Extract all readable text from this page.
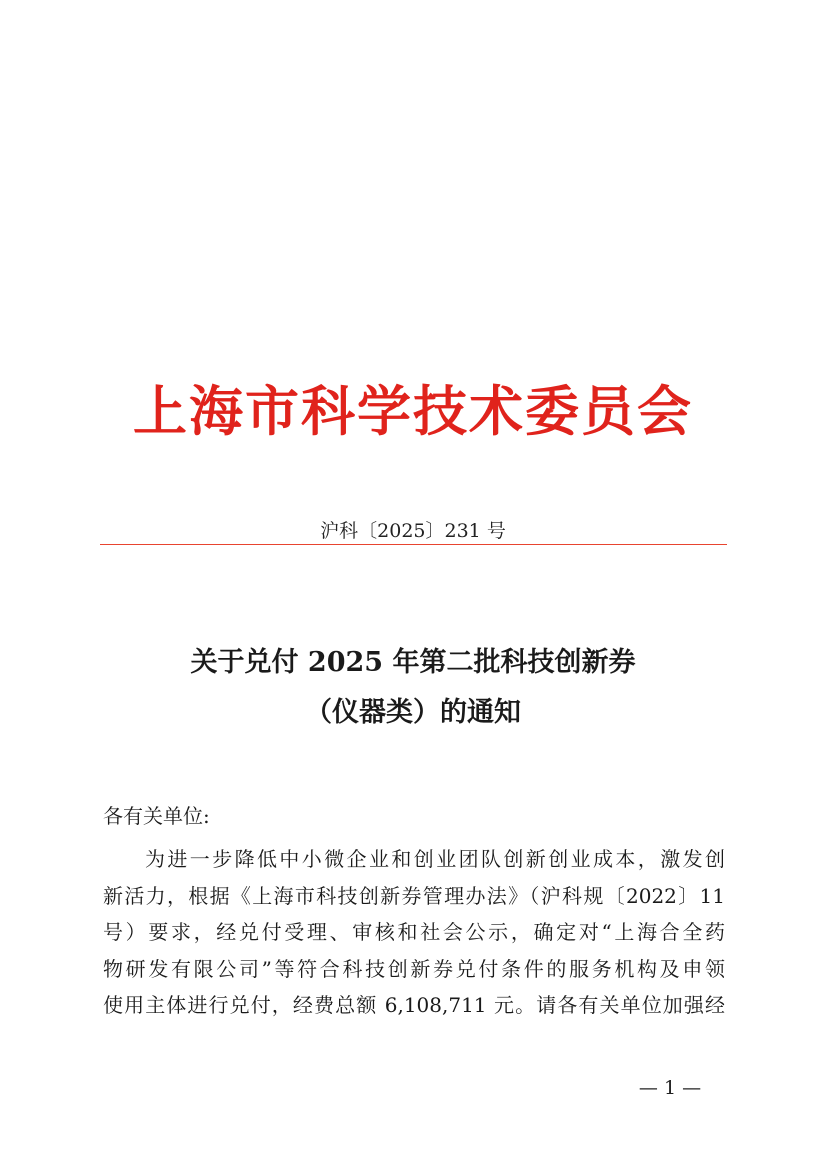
上海市科学技术委员会
沪科〔2025〕231 号
关于兑付 2025 年第二批科技创新券
（仪器类）的通知
各有关单位:
为进一步降低中小微企业和创业团队创新创业成本，激发创
新活力，根据《上海市科技创新券管理办法》（沪科规〔2022〕11
号）要求，经兑付受理、审核和社会公示，确定对“上海合全药
物研发有限公司”等符合科技创新券兑付条件的服务机构及申领
使用主体进行兑付，经费总额 6,108,711 元。请各有关单位加强经
— 1 —
